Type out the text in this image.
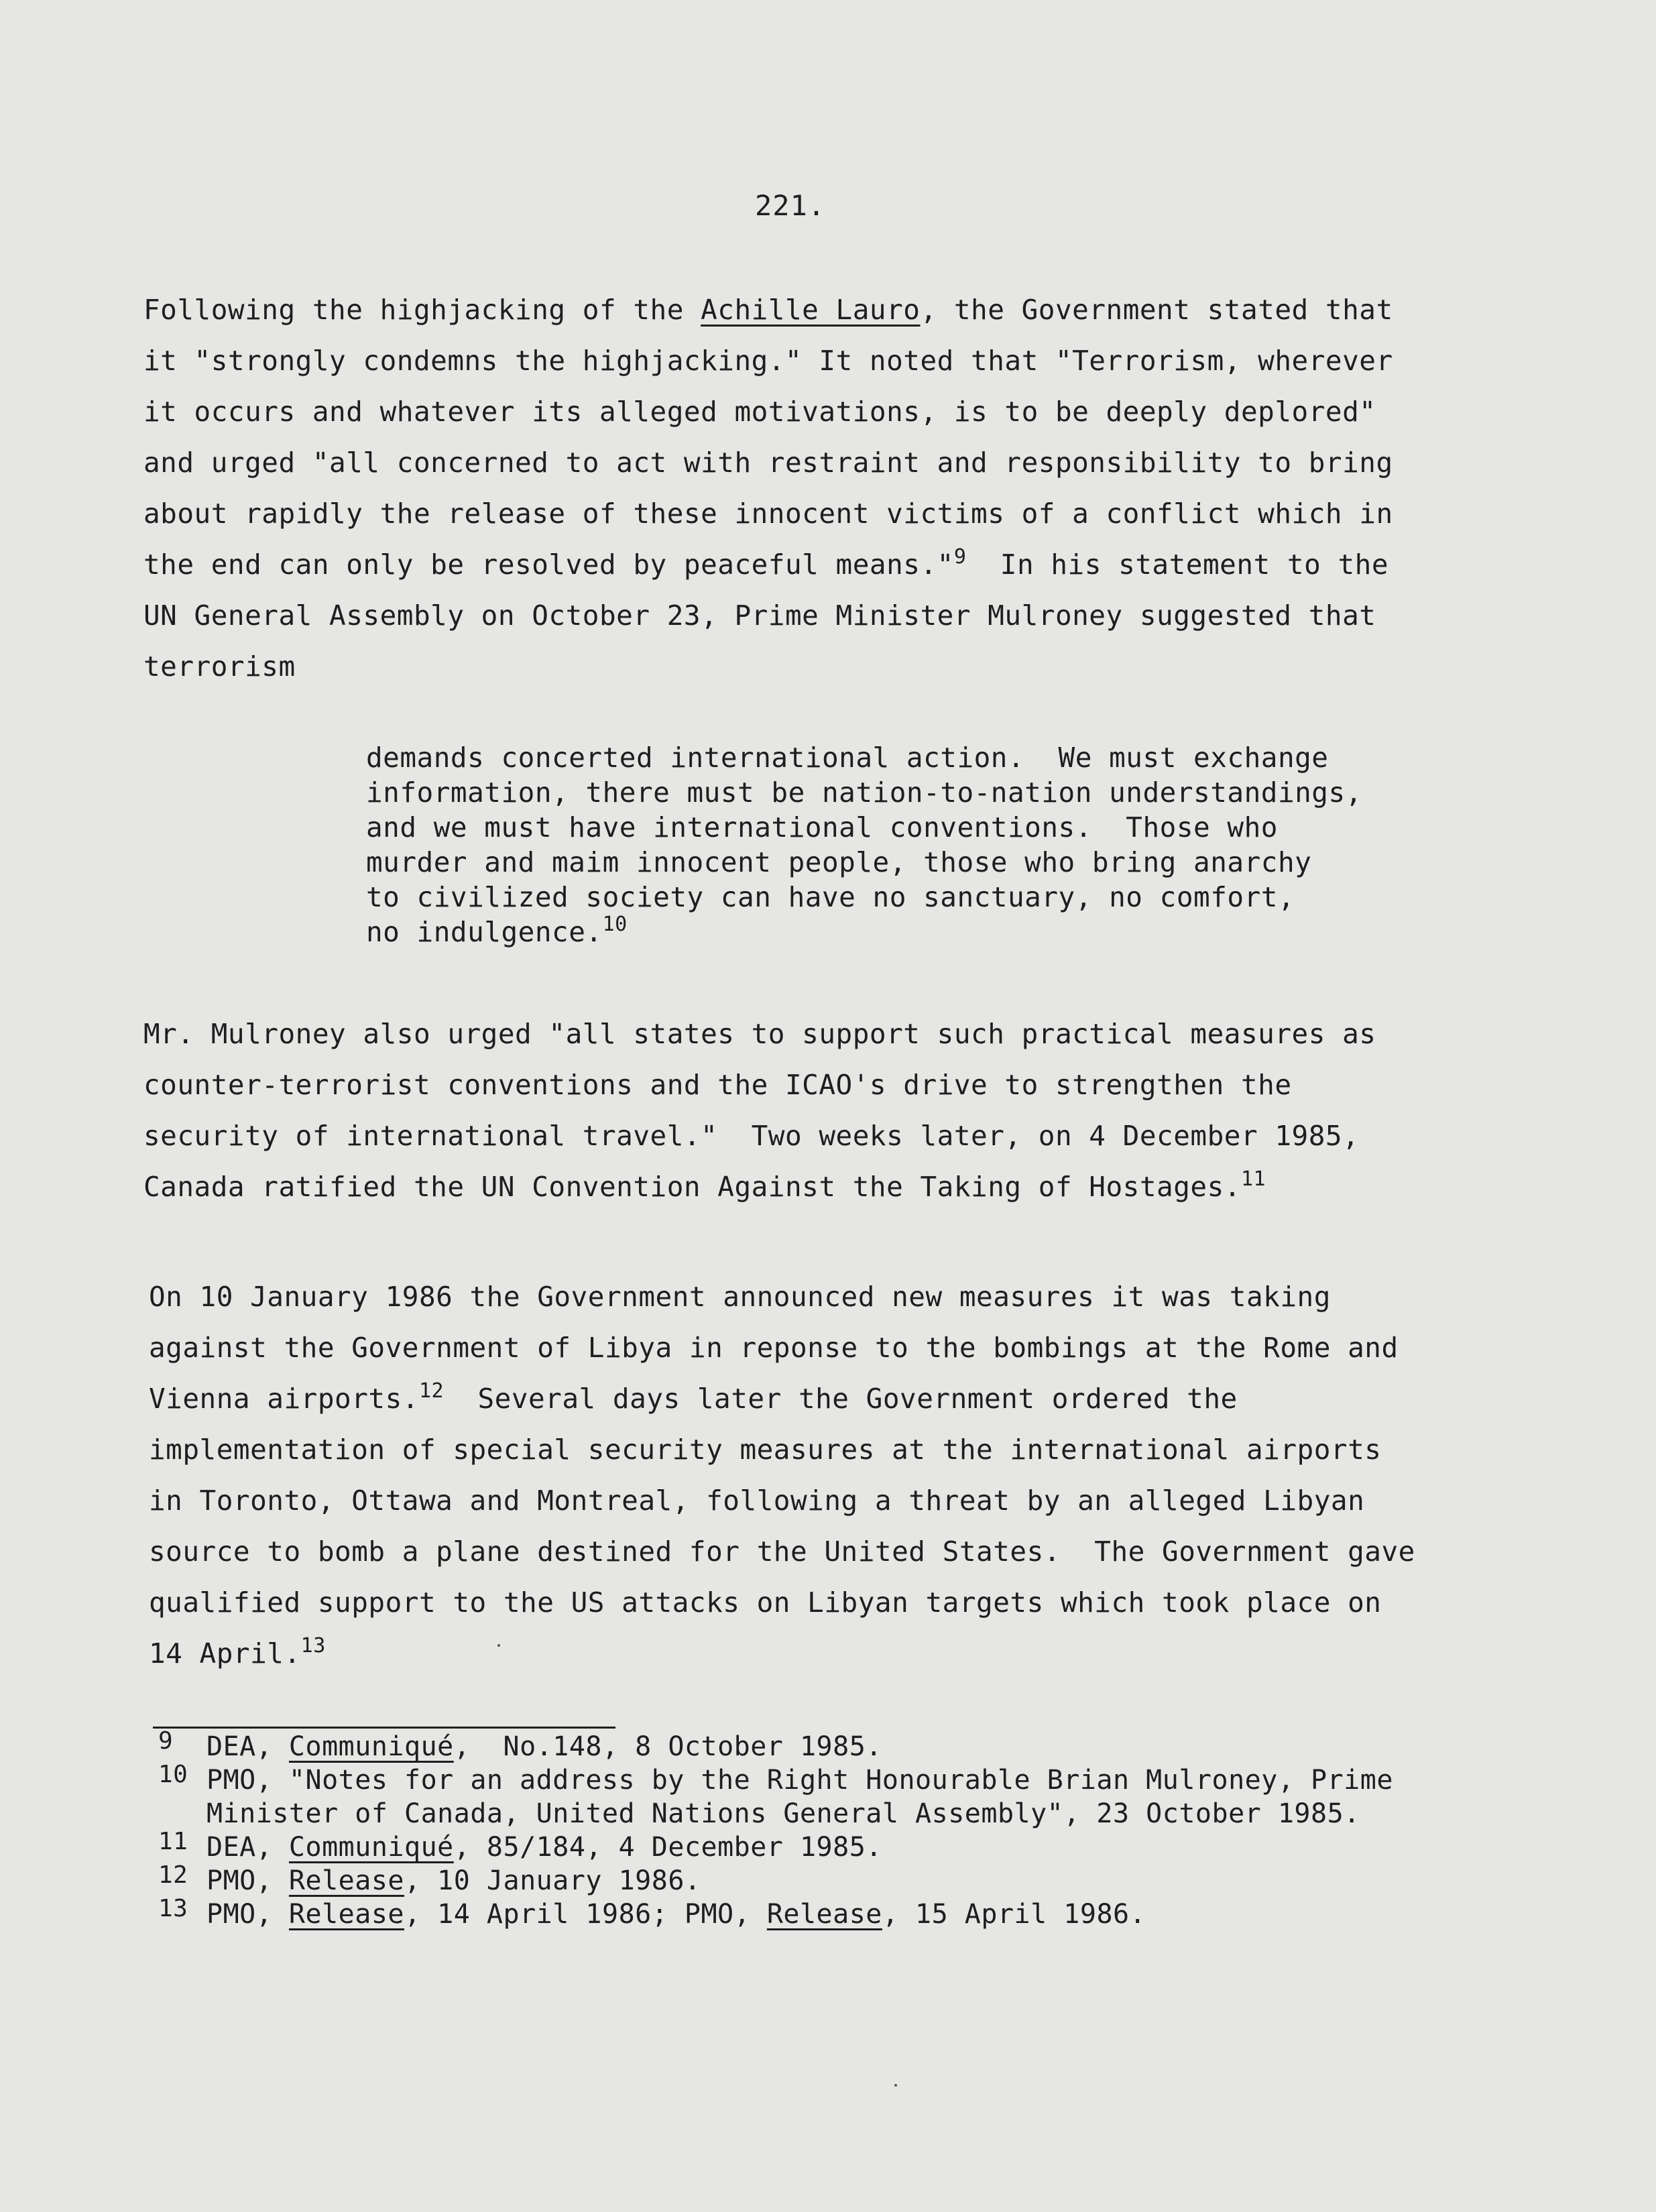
221.
Following the highjacking of the Achille Lauro, the Government stated that
it "strongly condemns the highjacking." It noted that "Terrorism, wherever
it occurs and whatever its alleged motivations, is to be deeply deplored"
and urged "all concerned to act with restraint and responsibility to bring
about rapidly the release of these innocent victims of a conflict which in
the end can only be resolved by peaceful means."$^9$  In his statement to the
UN General Assembly on October 23, Prime Minister Mulroney suggested that
terrorism
demands concerted international action.  We must exchange
information, there must be nation-to-nation understandings,
and we must have international conventions.  Those who
murder and maim innocent people, those who bring anarchy
to civilized society can have no sanctuary, no comfort,
no indulgence.$^{10}$
Mr. Mulroney also urged "all states to support such practical measures as
counter-terrorist conventions and the ICAO's drive to strengthen the
security of international travel."  Two weeks later, on 4 December 1985,
Canada ratified the UN Convention Against the Taking of Hostages.$^{11}$
On 10 January 1986 the Government announced new measures it was taking
against the Government of Libya in reponse to the bombings at the Rome and
Vienna airports.$^{12}$  Several days later the Government ordered the
implementation of special security measures at the international airports
in Toronto, Ottawa and Montreal, following a threat by an alleged Libyan
source to bomb a plane destined for the United States.  The Government gave
qualified support to the US attacks on Libyan targets which took place on
14 April.$^{13}$
9	DEA, Communiqué,  No.148, 8 October 1985.
10 PMO, "Notes for an address by the Right Honourable Brian Mulroney, Prime
Minister of Canada, United Nations General Assembly", 23 October 1985.
11 DEA, Communiqué, 85/184, 4 December 1985.
12 PMO, Release, 10 January 1986.
13 PMO, Release, 14 April 1986; PMO, Release, 15 April 1986.
